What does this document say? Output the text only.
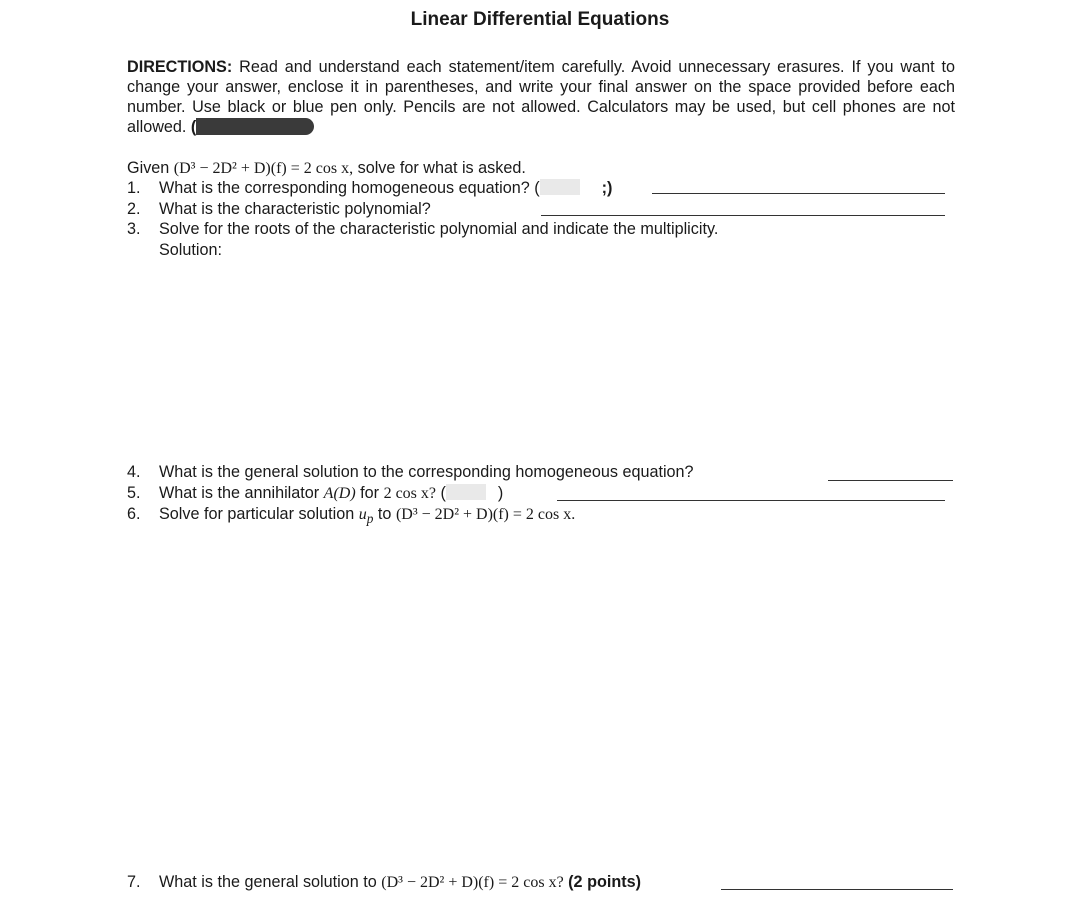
Linear Differential Equations
DIRECTIONS: Read and understand each statement/item carefully. Avoid unnecessary erasures. If you want to change your answer, enclose it in parentheses, and write your final answer on the space provided before each number. Use black or blue pen only. Pencils are not allowed. Calculators may be used, but cell phones are not allowed. (
Given (D³ − 2D² + D)(f) = 2 cos x, solve for what is asked.
1. What is the corresponding homogeneous equation? (	;)
2. What is the characteristic polynomial?
3. Solve for the roots of the characteristic polynomial and indicate the multiplicity.
Solution:
4. What is the general solution to the corresponding homogeneous equation?
5. What is the annihilator A(D) for 2 cos x? (	)
6. Solve for particular solution $u_p$ to (D³ − 2D² + D)(f) = 2 cos x.
7. What is the general solution to (D³ − 2D² + D)(f) = 2 cos x? (2 points)
